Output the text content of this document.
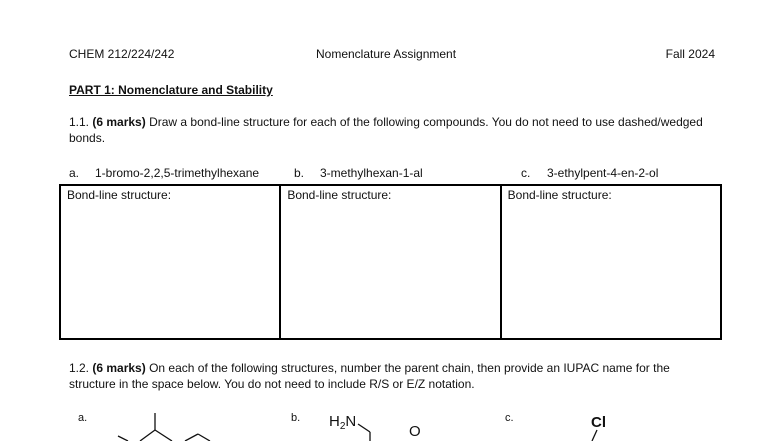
CHEM 212/224/242	Nomenclature Assignment	Fall 2024
PART 1: Nomenclature and Stability
1.1. (6 marks) Draw a bond-line structure for each of the following compounds. You do not need to use dashed/wedged bonds.
a. 1-bromo-2,2,5-trimethylhexane	b. 3-methylhexan-1-al	c. 3-ethylpent-4-en-2-ol
Bond-line structure:	Bond-line structure:	Bond-line structure:
1.2. (6 marks) On each of the following structures, number the parent chain, then provide an IUPAC name for the structure in the space below. You do not need to include R/S or E/Z notation.
a.	b.	c.
$H_2N$
O
Cl
